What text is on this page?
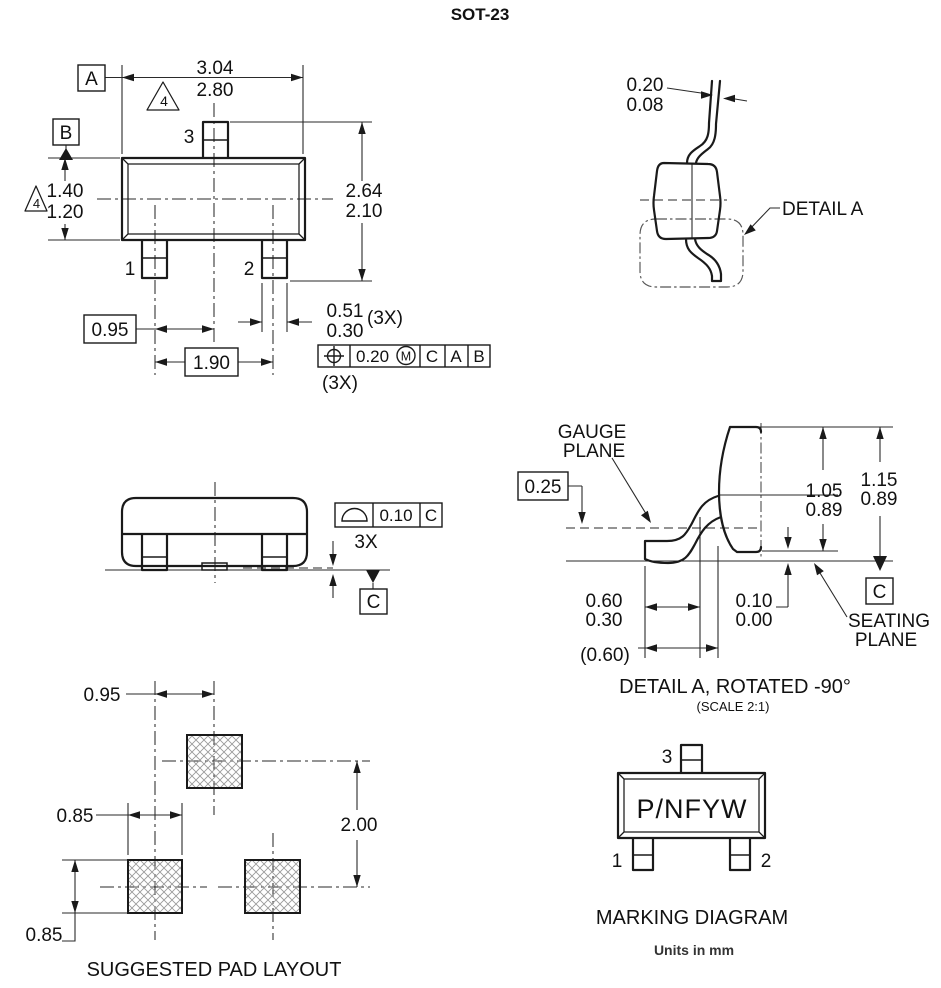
SOT-23
A
B
4
4
3.04
2.80
1.40
1.20
2.64
2.10
3
1	2
0.95
1.90
0.51
0.30
(3X)
0.20 M C A B
(3X)
0.20
0.08
DETAIL A
0.10 C
3X
C
GAUGE
PLANE
0.25	1.05
0.89
1.15
0.89
0.60
0.30
(0.60)
0.10
0.00
C
SEATING
PLANE
DETAIL A, ROTATED -90°
(SCALE 2:1)
0.95
0.85	2.00
0.85
SUGGESTED PAD LAYOUT
P/NFYW
3
1	2
MARKING DIAGRAM
Units in mm
